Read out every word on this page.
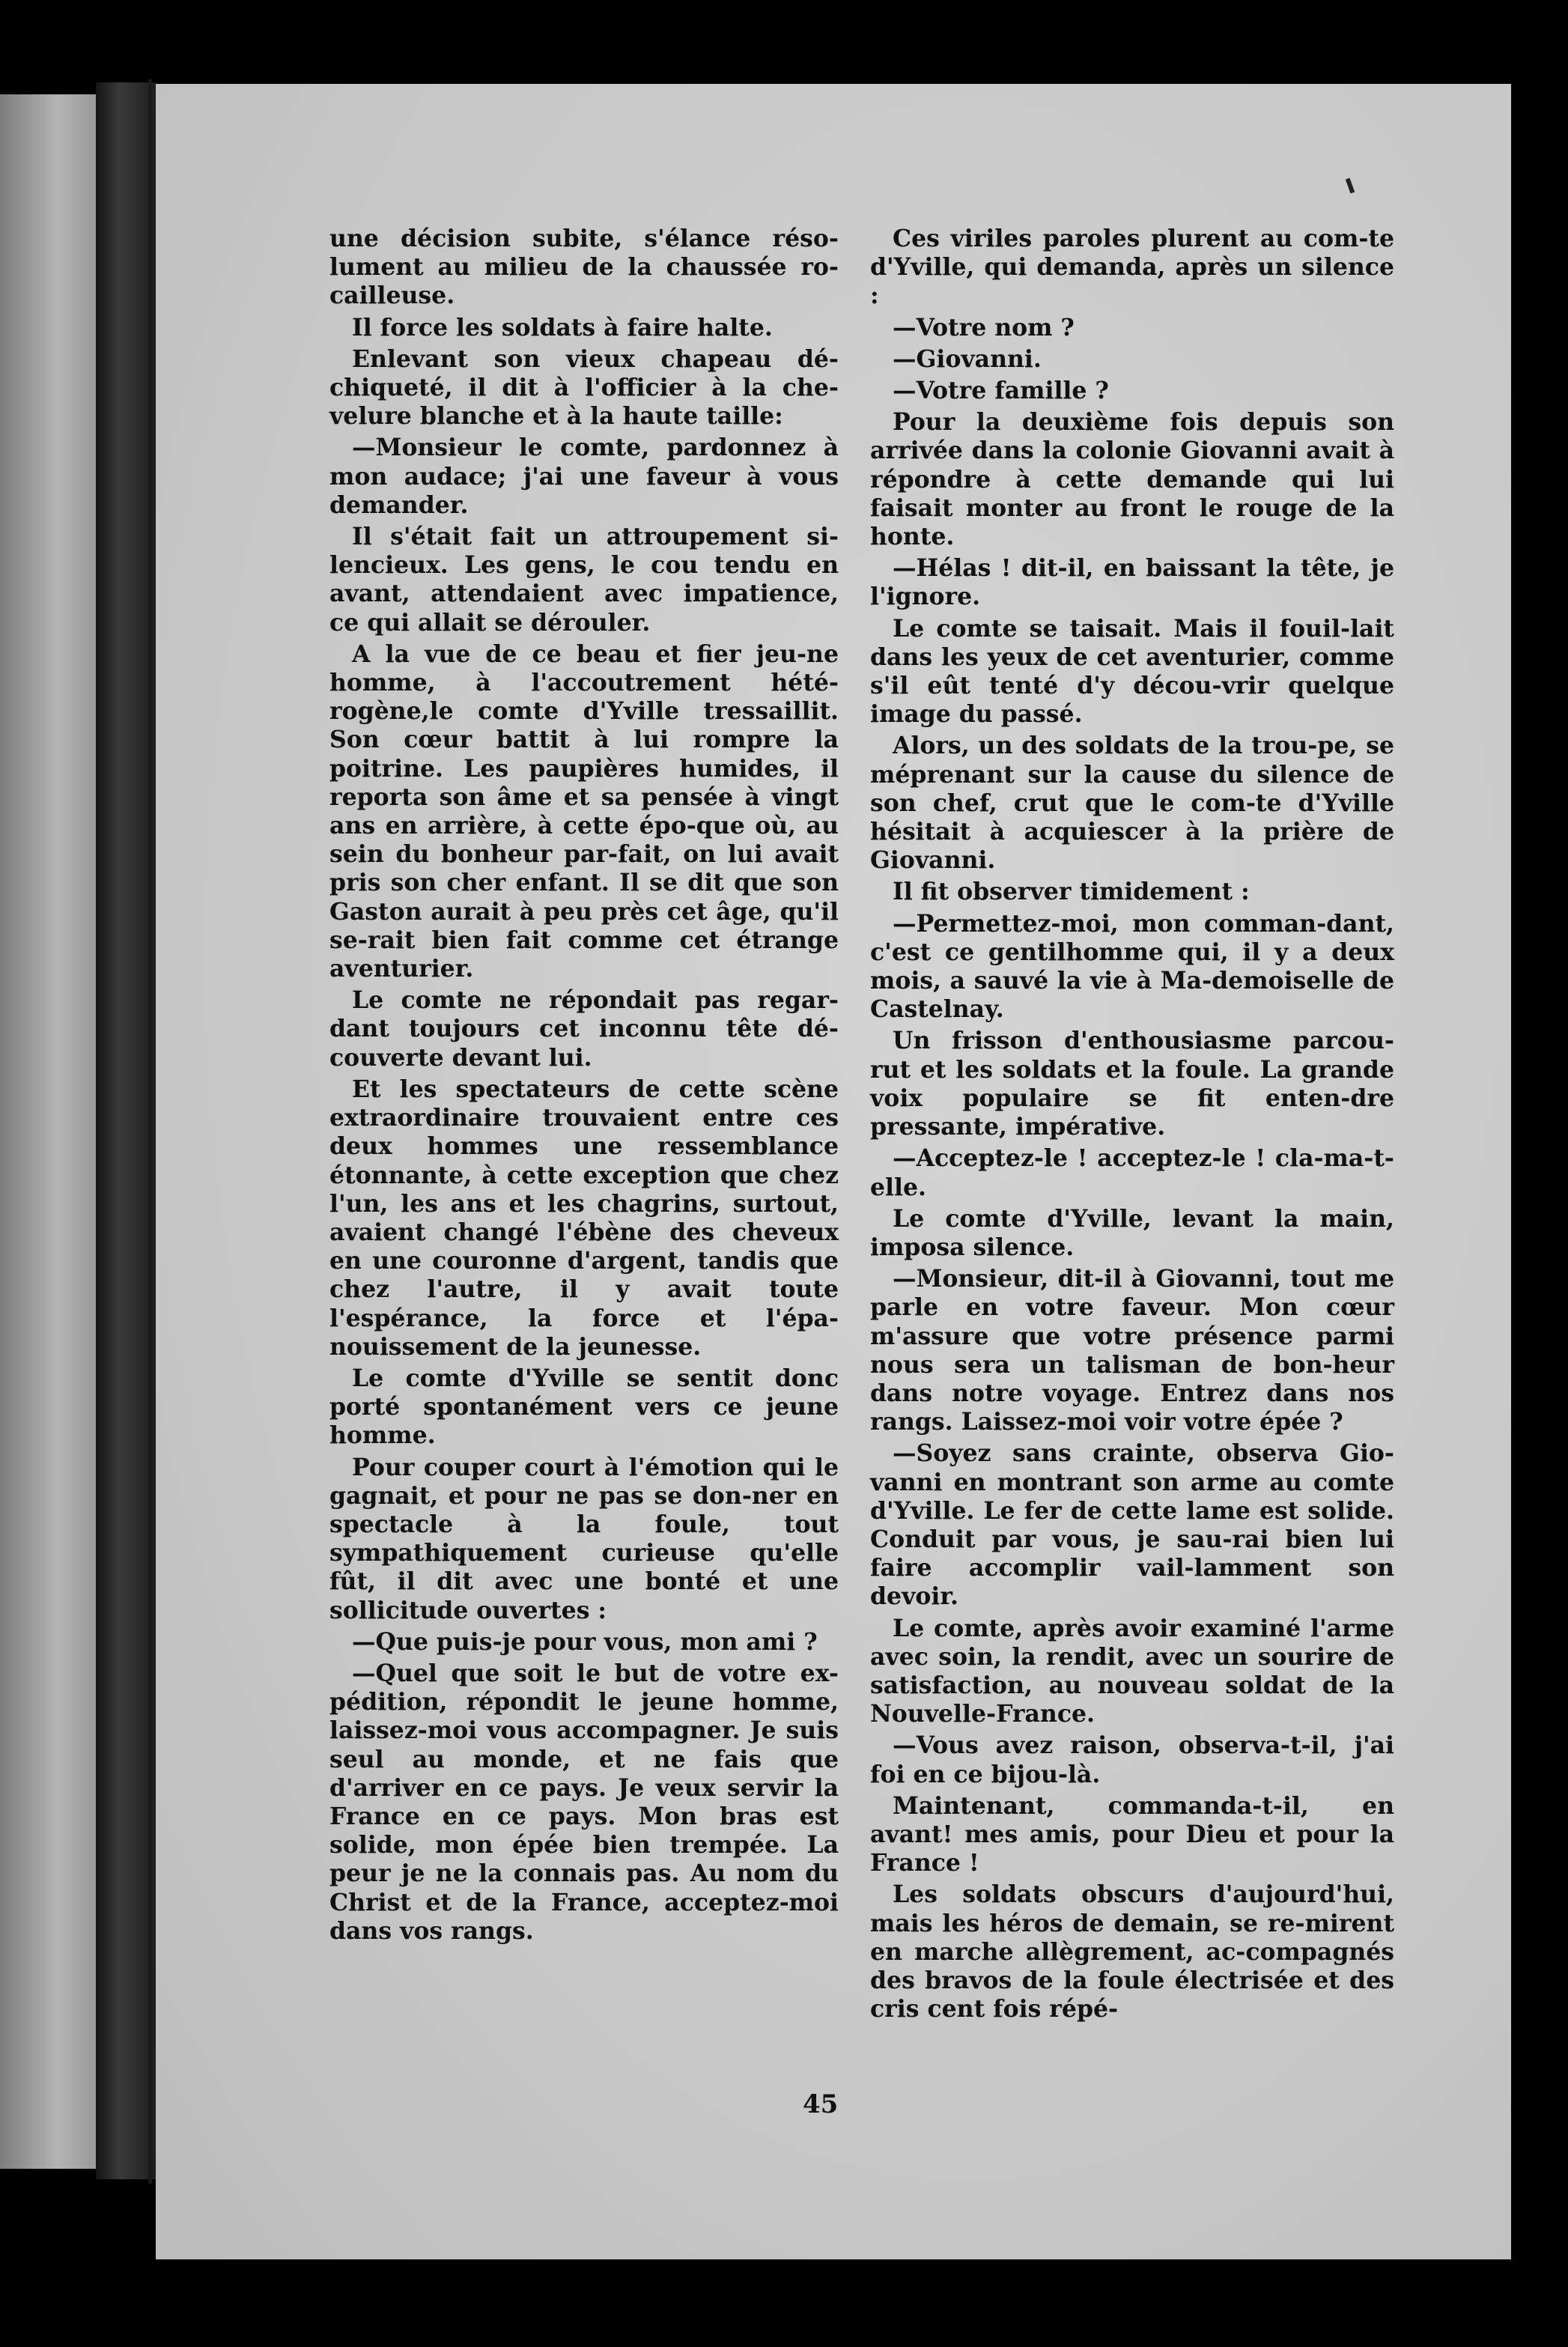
une décision subite, s'élance réso-lument au milieu de la chaussée ro-cailleuse.

Il force les soldats à faire halte.

Enlevant son vieux chapeau dé-chiqueté, il dit à l'officier à la che-velure blanche et à la haute taille:

—Monsieur le comte, pardonnez à mon audace; j'ai une faveur à vous demander.

Il s'était fait un attroupement si-lencieux. Les gens, le cou tendu en avant, attendaient avec impatience, ce qui allait se dérouler.

A la vue de ce beau et fier jeu-ne homme, à l'accoutrement hété-rogène,le comte d'Yville tressaillit. Son cœur battit à lui rompre la poitrine. Les paupières humides, il reporta son âme et sa pensée à vingt ans en arrière, à cette épo-que où, au sein du bonheur par-fait, on lui avait pris son cher enfant. Il se dit que son Gaston aurait à peu près cet âge, qu'il se-rait bien fait comme cet étrange aventurier.

Le comte ne répondait pas regar-dant toujours cet inconnu tête dé-couverte devant lui.

Et les spectateurs de cette scène extraordinaire trouvaient entre ces deux hommes une ressemblance étonnante, à cette exception que chez l'un, les ans et les chagrins, surtout, avaient changé l'ébène des cheveux en une couronne d'argent, tandis que chez l'autre, il y avait toute l'espérance, la force et l'épa-nouissement de la jeunesse.

Le comte d'Yville se sentit donc porté spontanément vers ce jeune homme.

Pour couper court à l'émotion qui le gagnait, et pour ne pas se don-ner en spectacle à la foule, tout sympathiquement curieuse qu'elle fût, il dit avec une bonté et une sollicitude ouvertes :

—Que puis-je pour vous, mon ami ?

—Quel que soit le but de votre ex-pédition, répondit le jeune homme, laissez-moi vous accompagner. Je suis seul au monde, et ne fais que d'arriver en ce pays. Je veux servir la France en ce pays. Mon bras est solide, mon épée bien trempée. La peur je ne la connais pas. Au nom du Christ et de la France, acceptez-moi dans vos rangs.

Ces viriles paroles plurent au com-te d'Yville, qui demanda, après un silence :

—Votre nom ?

—Giovanni.

—Votre famille ?

Pour la deuxième fois depuis son arrivée dans la colonie Giovanni avait à répondre à cette demande qui lui faisait monter au front le rouge de la honte.

—Hélas ! dit-il, en baissant la tête, je l'ignore.

Le comte se taisait. Mais il fouil-lait dans les yeux de cet aventurier, comme s'il eût tenté d'y décou-vrir quelque image du passé.

Alors, un des soldats de la trou-pe, se méprenant sur la cause du silence de son chef, crut que le com-te d'Yville hésitait à acquiescer à la prière de Giovanni.

Il fit observer timidement :

—Permettez-moi, mon comman-dant, c'est ce gentilhomme qui, il y a deux mois, a sauvé la vie à Ma-demoiselle de Castelnay.

Un frisson d'enthousiasme parcou-rut et les soldats et la foule. La grande voix populaire se fit enten-dre pressante, impérative.

—Acceptez-le ! acceptez-le ! cla-ma-t-elle.

Le comte d'Yville, levant la main, imposa silence.

—Monsieur, dit-il à Giovanni, tout me parle en votre faveur. Mon cœur m'assure que votre présence parmi nous sera un talisman de bon-heur dans notre voyage. Entrez dans nos rangs. Laissez-moi voir votre épée ?

—Soyez sans crainte, observa Gio-vanni en montrant son arme au comte d'Yville. Le fer de cette lame est solide. Conduit par vous, je sau-rai bien lui faire accomplir vail-lamment son devoir.

Le comte, après avoir examiné l'arme avec soin, la rendit, avec un sourire de satisfaction, au nouveau soldat de la Nouvelle-France.

—Vous avez raison, observa-t-il, j'ai foi en ce bijou-là.

Maintenant, commanda-t-il, en avant! mes amis, pour Dieu et pour la France !

Les soldats obscurs d'aujourd'hui, mais les héros de demain, se re-mirent en marche allègrement, ac-compagnés des bravos de la foule électrisée et des cris cent fois répé-

45
